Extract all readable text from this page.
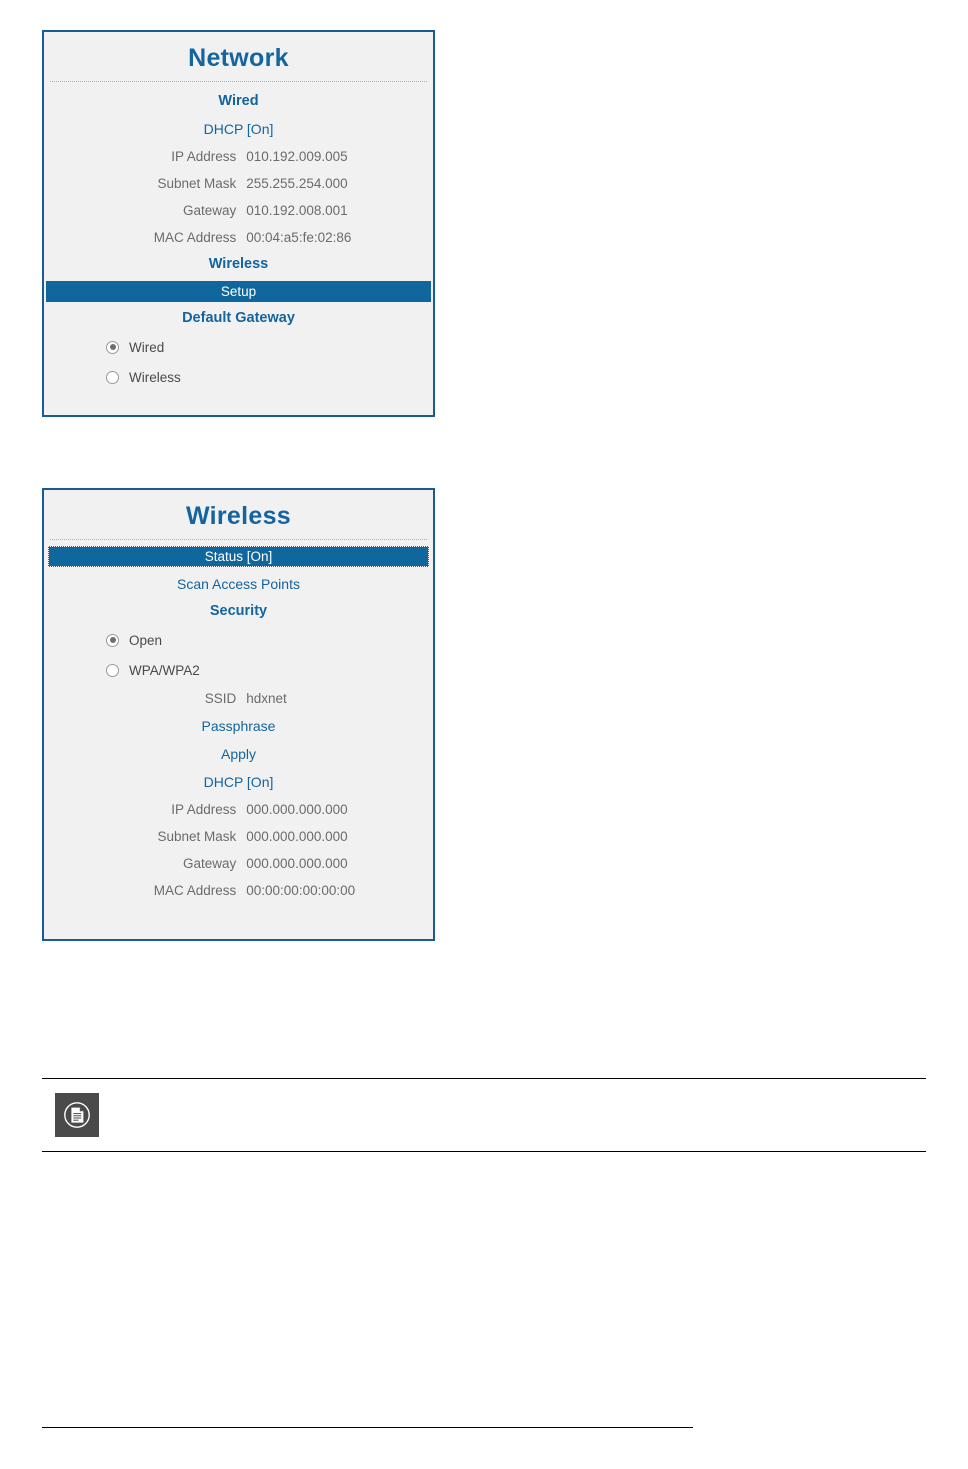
Network
Wired
DHCP [On]
IP Address 010.192.009.005
Subnet Mask 255.255.254.000
Gateway 010.192.008.001
MAC Address 00:04:a5:fe:02:86
Wireless
Setup
Default Gateway
Wired
Wireless
Wireless
Status [On]
Scan Access Points
Security
Open
WPA/WPA2
SSID hdxnet
Passphrase
Apply
DHCP [On]
IP Address 000.000.000.000
Subnet Mask 000.000.000.000
Gateway 000.000.000.000
MAC Address 00:00:00:00:00:00
